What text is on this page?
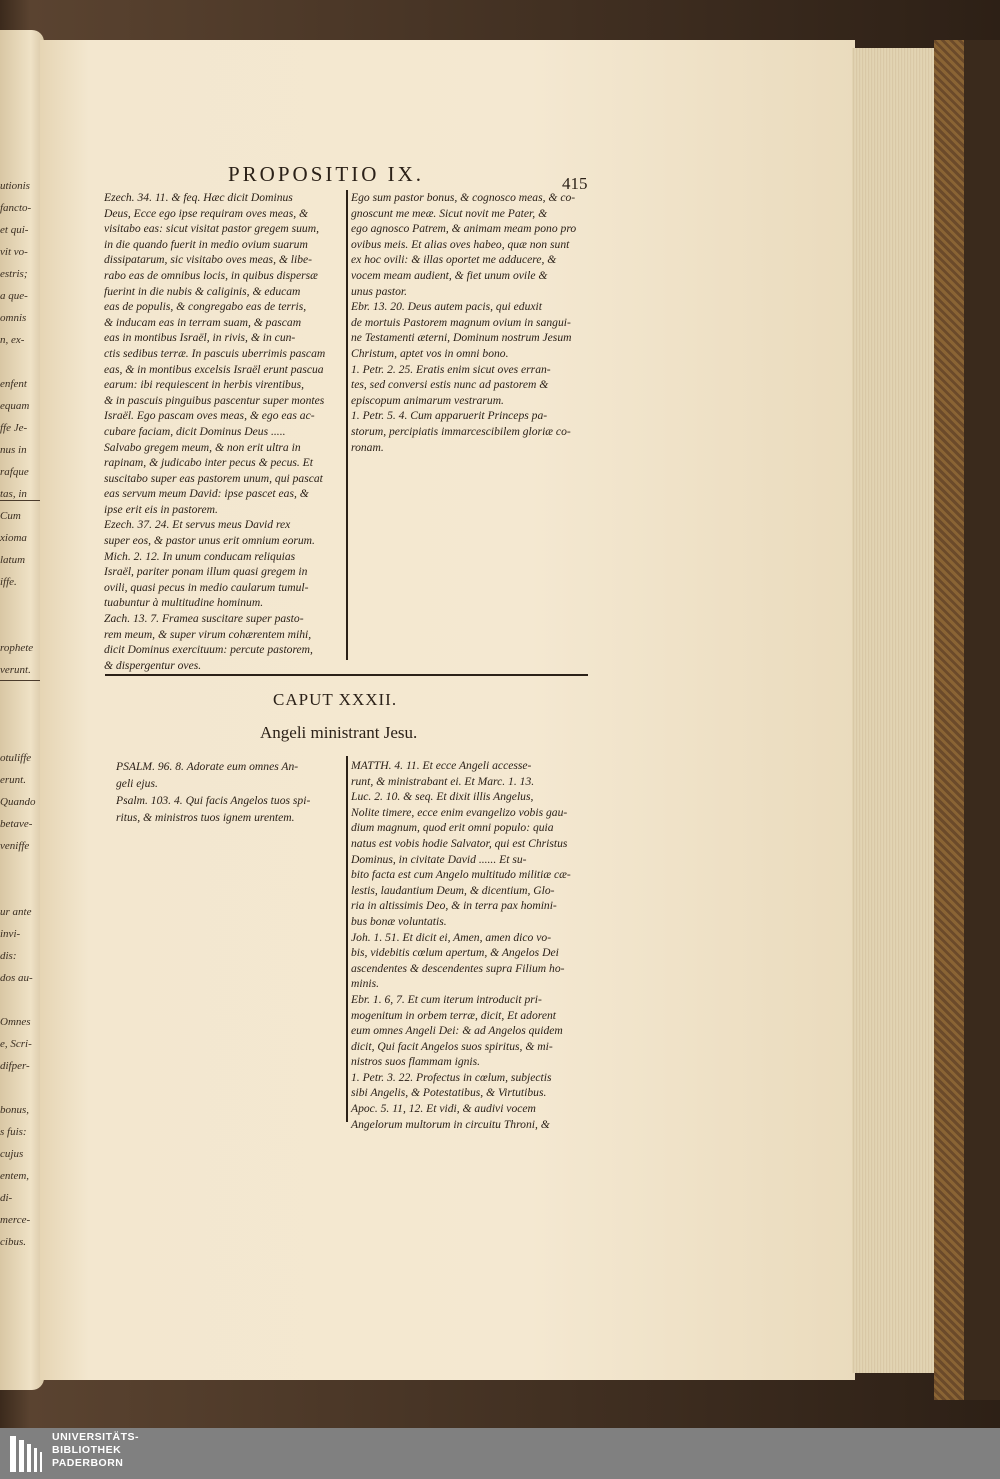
utionis
fancto-
et qui-
vit vo-
estris;
a que-
omnis
n, ex-
enfent
equam
ffe Je-
nus in
rafque
tas, in
Cum
xioma
latum
iffe.
rophete
verunt.
otuliffe
erunt.
Quando
betave-
veniffe
ur ante
invi-
dis:
dos au-
Omnes
e, Scri-
difper-
bonus,
s fuis:
cujus
entem,
di-
merce-
cibus.
PROPOSITIO IX.	415
Ezech. 34. 11. & feq. Hæc dicit Dominus
Deus, Ecce ego ipse requiram oves meas, &
visitabo eas: sicut visitat pastor gregem suum,
in die quando fuerit in medio ovium suarum
dissipatarum, sic visitabo oves meas, & libe-
rabo eas de omnibus locis, in quibus dispersæ
fuerint in die nubis & caliginis, & educam
eas de populis, & congregabo eas de terris,
& inducam eas in terram suam, & pascam
eas in montibus Israël, in rivis, & in cun-
ctis sedibus terræ. In pascuis uberrimis pascam
eas, & in montibus excelsis Israël erunt pascua
earum: ibi requiescent in herbis virentibus,
& in pascuis pinguibus pascentur super montes
Israël. Ego pascam oves meas, & ego eas ac-
cubare faciam, dicit Dominus Deus .....
Salvabo gregem meum, & non erit ultra in
rapinam, & judicabo inter pecus & pecus. Et
suscitabo super eas pastorem unum, qui pascat
eas servum meum David: ipse pascet eas, &
ipse erit eis in pastorem.
Ezech. 37. 24. Et servus meus David rex
super eos, & pastor unus erit omnium eorum.
Mich. 2. 12. In unum conducam reliquias
Israël, pariter ponam illum quasi gregem in
ovili, quasi pecus in medio caularum tumul-
tuabuntur à multitudine hominum.
Zach. 13. 7. Framea suscitare super pasto-
rem meum, & super virum cohærentem mihi,
dicit Dominus exercituum: percute pastorem,
& dispergentur oves.
Ego sum pastor bonus, & cognosco meas, & co-
gnoscunt me meæ. Sicut novit me Pater, &
ego agnosco Patrem, & animam meam pono pro
ovibus meis. Et alias oves habeo, quæ non sunt
ex hoc ovili: & illas oportet me adducere, &
vocem meam audient, & fiet unum ovile &
unus pastor.
Ebr. 13. 20. Deus autem pacis, qui eduxit
de mortuis Pastorem magnum ovium in sangui-
ne Testamenti æterni, Dominum nostrum Jesum
Christum, aptet vos in omni bono.
1. Petr. 2. 25. Eratis enim sicut oves erran-
tes, sed conversi estis nunc ad pastorem &
episcopum animarum vestrarum.
1. Petr. 5. 4. Cum apparuerit Princeps pa-
storum, percipiatis immarcescibilem gloriæ co-
ronam.
CAPUT XXXII.
Angeli ministrant Jesu.
PSALM. 96. 8. Adorate eum omnes An-
geli ejus.
Psalm. 103. 4. Qui facis Angelos tuos spi-
ritus, & ministros tuos ignem urentem.
MATTH. 4. 11. Et ecce Angeli accesse-
runt, & ministrabant ei. Et Marc. 1. 13.
Luc. 2. 10. & seq. Et dixit illis Angelus,
Nolite timere, ecce enim evangelizo vobis gau-
dium magnum, quod erit omni populo: quia
natus est vobis hodie Salvator, qui est Christus
Dominus, in civitate David ...... Et su-
bito facta est cum Angelo multitudo militiæ cæ-
lestis, laudantium Deum, & dicentium, Glo-
ria in altissimis Deo, & in terra pax homini-
bus bonæ voluntatis.
Joh. 1. 51. Et dicit ei, Amen, amen dico vo-
bis, videbitis cœlum apertum, & Angelos Dei
ascendentes & descendentes supra Filium ho-
minis.
Ebr. 1. 6, 7. Et cum iterum introducit pri-
mogenitum in orbem terræ, dicit, Et adorent
eum omnes Angeli Dei: & ad Angelos quidem
dicit, Qui facit Angelos suos spiritus, & mi-
nistros suos flammam ignis.
1. Petr. 3. 22. Profectus in cœlum, subjectis
sibi Angelis, & Potestatibus, & Virtutibus.
Apoc. 5. 11, 12. Et vidi, & audivi vocem
Angelorum multorum in circuitu Throni, &
UNIVERSITÄTS-
BIBLIOTHEK
PADERBORN
